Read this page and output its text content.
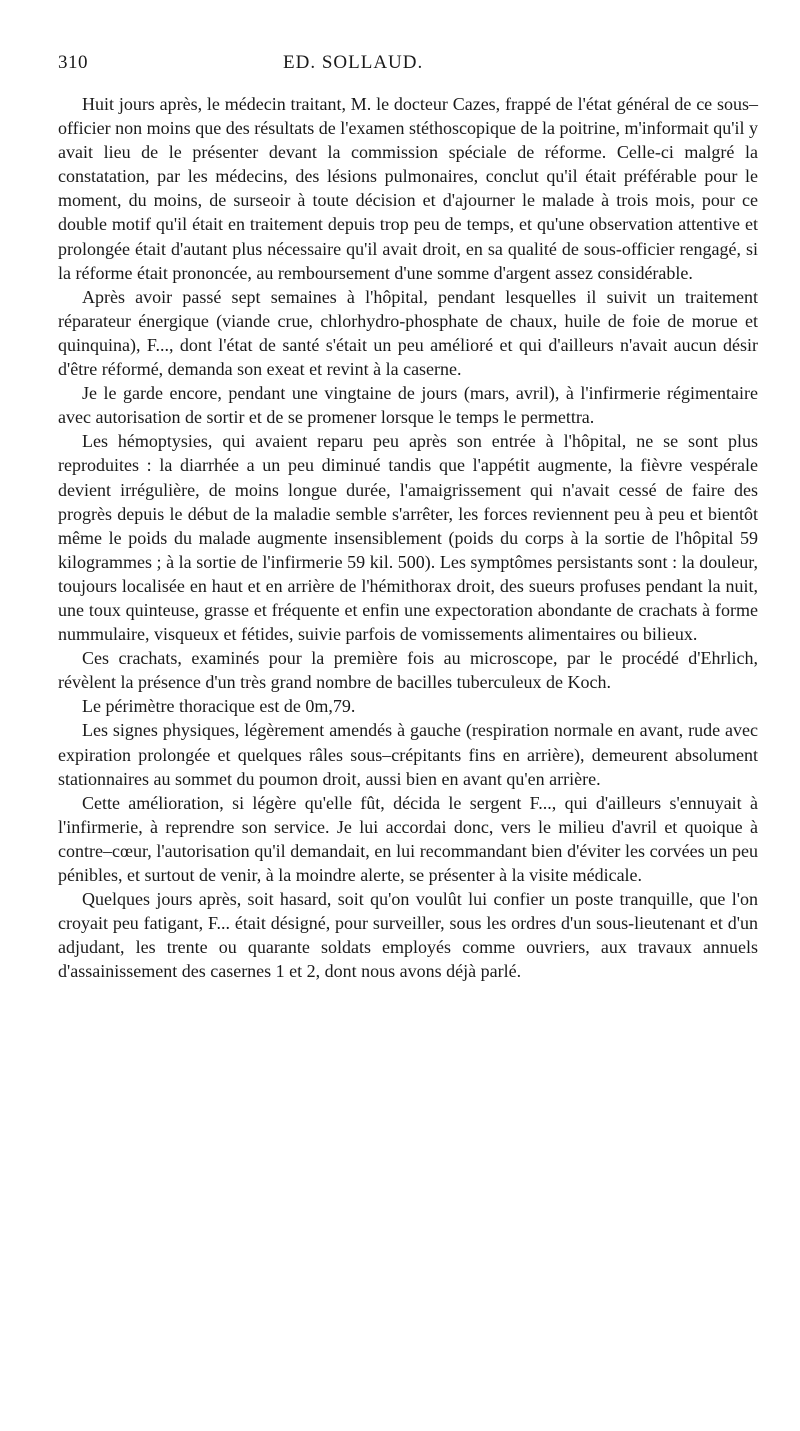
310	ED. SOLLAUD.

Huit jours après, le médecin traitant, M. le docteur Cazes, frappé de l'état général de ce sous–officier non moins que des résultats de l'examen stéthoscopique de la poitrine, m'informait qu'il y avait lieu de le présenter devant la commission spéciale de réforme. Celle-ci malgré la constatation, par les médecins, des lésions pulmonaires, conclut qu'il était préférable pour le moment, du moins, de surseoir à toute décision et d'ajourner le malade à trois mois, pour ce double motif qu'il était en traitement depuis trop peu de temps, et qu'une observation attentive et prolongée était d'autant plus nécessaire qu'il avait droit, en sa qualité de sous-officier rengagé, si la réforme était prononcée, au remboursement d'une somme d'argent assez considérable.

Après avoir passé sept semaines à l'hôpital, pendant lesquelles il suivit un traitement réparateur énergique (viande crue, chlorhydro-phosphate de chaux, huile de foie de morue et quinquina), F..., dont l'état de santé s'était un peu amélioré et qui d'ailleurs n'avait aucun désir d'être réformé, demanda son exeat et revint à la caserne.

Je le garde encore, pendant une vingtaine de jours (mars, avril), à l'infirmerie régimentaire avec autorisation de sortir et de se promener lorsque le temps le permettra.

Les hémoptysies, qui avaient reparu peu après son entrée à l'hôpital, ne se sont plus reproduites : la diarrhée a un peu diminué tandis que l'appétit augmente, la fièvre vespérale devient irrégulière, de moins longue durée, l'amaigrissement qui n'avait cessé de faire des progrès depuis le début de la maladie semble s'arrêter, les forces reviennent peu à peu et bientôt même le poids du malade augmente insensiblement (poids du corps à la sortie de l'hôpital 59 kilogrammes ; à la sortie de l'infirmerie 59 kil. 500). Les symptômes persistants sont : la douleur, toujours localisée en haut et en arrière de l'hémithorax droit, des sueurs profuses pendant la nuit, une toux quinteuse, grasse et fréquente et enfin une expectoration abondante de crachats à forme nummulaire, visqueux et fétides, suivie parfois de vomissements alimentaires ou bilieux.

Ces crachats, examinés pour la première fois au microscope, par le procédé d'Ehrlich, révèlent la présence d'un très grand nombre de bacilles tuberculeux de Koch.

Le périmètre thoracique est de 0m,79.

Les signes physiques, légèrement amendés à gauche (respiration normale en avant, rude avec expiration prolongée et quelques râles sous–crépitants fins en arrière), demeurent absolument stationnaires au sommet du poumon droit, aussi bien en avant qu'en arrière.

Cette amélioration, si légère qu'elle fût, décida le sergent F..., qui d'ailleurs s'ennuyait à l'infirmerie, à reprendre son service. Je lui accordai donc, vers le milieu d'avril et quoique à contre–cœur, l'autorisation qu'il demandait, en lui recommandant bien d'éviter les corvées un peu pénibles, et surtout de venir, à la moindre alerte, se présenter à la visite médicale.

Quelques jours après, soit hasard, soit qu'on voulût lui confier un poste tranquille, que l'on croyait peu fatigant, F... était désigné, pour surveiller, sous les ordres d'un sous-lieutenant et d'un adjudant, les trente ou quarante soldats employés comme ouvriers, aux travaux annuels d'assainissement des casernes 1 et 2, dont nous avons déjà parlé.
